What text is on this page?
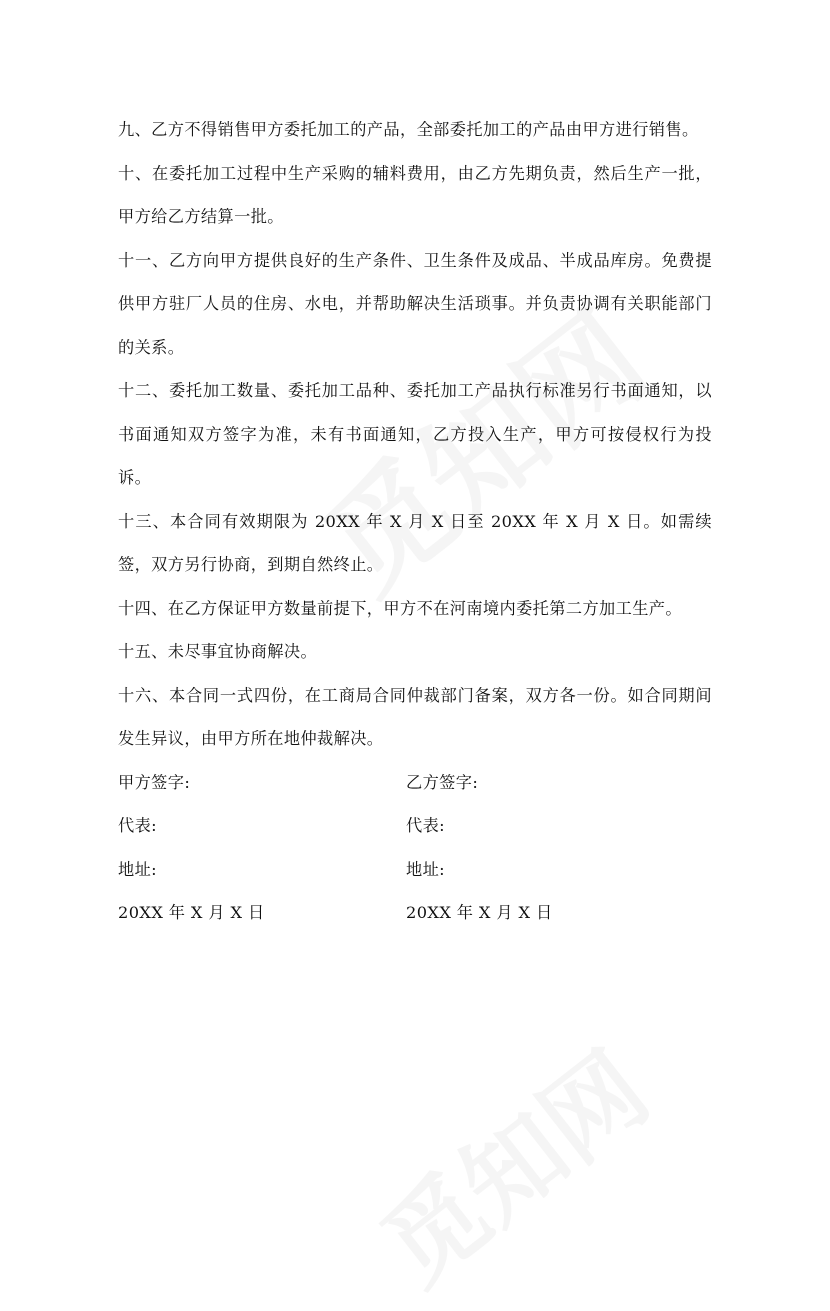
九、乙方不得销售甲方委托加工的产品，全部委托加工的产品由甲方进行销售。

十、在委托加工过程中生产采购的辅料费用，由乙方先期负责，然后生产一批，甲方给乙方结算一批。

十一、乙方向甲方提供良好的生产条件、卫生条件及成品、半成品库房。免费提供甲方驻厂人员的住房、水电，并帮助解决生活琐事。并负责协调有关职能部门的关系。

十二、委托加工数量、委托加工品种、委托加工产品执行标准另行书面通知，以书面通知双方签字为准，未有书面通知，乙方投入生产，甲方可按侵权行为投诉。

十三、本合同有效期限为 20XX 年 X 月 X 日至 20XX 年 X 月 X 日。如需续签，双方另行协商，到期自然终止。

十四、在乙方保证甲方数量前提下，甲方不在河南境内委托第二方加工生产。

十五、未尽事宜协商解决。

十六、本合同一式四份，在工商局合同仲裁部门备案，双方各一份。如合同期间发生异议，由甲方所在地仲裁解决。

甲方签字:	乙方签字:
代表:	代表:
地址:	地址:
20XX 年 X 月 X 日	20XX 年 X 月 X 日
